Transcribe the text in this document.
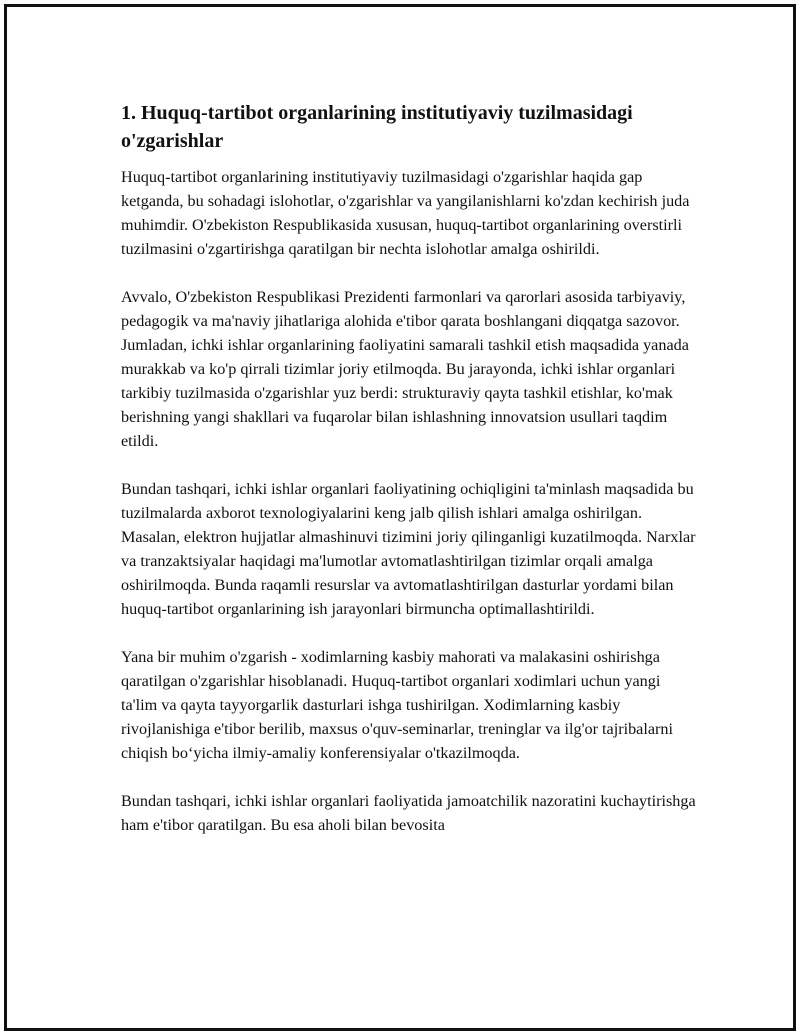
1. Huquq-tartibot organlarining institutiyaviy tuzilmasidagi o'zgarishlar

Huquq-tartibot organlarining institutiyaviy tuzilmasidagi o'zgarishlar haqida gap ketganda, bu sohadagi islohotlar, o'zgarishlar va yangilanishlarni ko'zdan kechirish juda muhimdir. O'zbekiston Respublikasida xususan, huquq-tartibot organlarining overstirli tuzilmasini o'zgartirishga qaratilgan bir nechta islohotlar amalga oshirildi.

Avvalo, O'zbekiston Respublikasi Prezidenti farmonlari va qarorlari asosida tarbiyaviy, pedagogik va ma'naviy jihatlariga alohida e'tibor qarata boshlangani diqqatga sazovor. Jumladan, ichki ishlar organlarining faoliyatini samarali tashkil etish maqsadida yanada murakkab va ko'p qirrali tizimlar joriy etilmoqda. Bu jarayonda, ichki ishlar organlari tarkibiy tuzilmasida o'zgarishlar yuz berdi: strukturaviy qayta tashkil etishlar, ko'mak berishning yangi shakllari va fuqarolar bilan ishlashning innovatsion usullari taqdim etildi.

Bundan tashqari, ichki ishlar organlari faoliyatining ochiqligini ta'minlash maqsadida bu tuzilmalarda axborot texnologiyalarini keng jalb qilish ishlari amalga oshirilgan. Masalan, elektron hujjatlar almashinuvi tizimini joriy qilinganligi kuzatilmoqda. Narxlar va tranzaktsiyalar haqidagi ma'lumotlar avtomatlashtirilgan tizimlar orqali amalga oshirilmoqda. Bunda raqamli resurslar va avtomatlashtirilgan dasturlar yordami bilan huquq-tartibot organlarining ish jarayonlari birmuncha optimallashtirildi.

Yana bir muhim o'zgarish - xodimlarning kasbiy mahorati va malakasini oshirishga qaratilgan o'zgarishlar hisoblanadi. Huquq-tartibot organlari xodimlari uchun yangi ta'lim va qayta tayyorgarlik dasturlari ishga tushirilgan. Xodimlarning kasbiy rivojlanishiga e'tibor berilib, maxsus o'quv-seminarlar, treninglar va ilg'or tajribalarni chiqish bo‘yicha ilmiy-amaliy konferensiyalar o'tkazilmoqda.

Bundan tashqari, ichki ishlar organlari faoliyatida jamoatchilik nazoratini kuchaytirishga ham e'tibor qaratilgan. Bu esa aholi bilan bevosita
